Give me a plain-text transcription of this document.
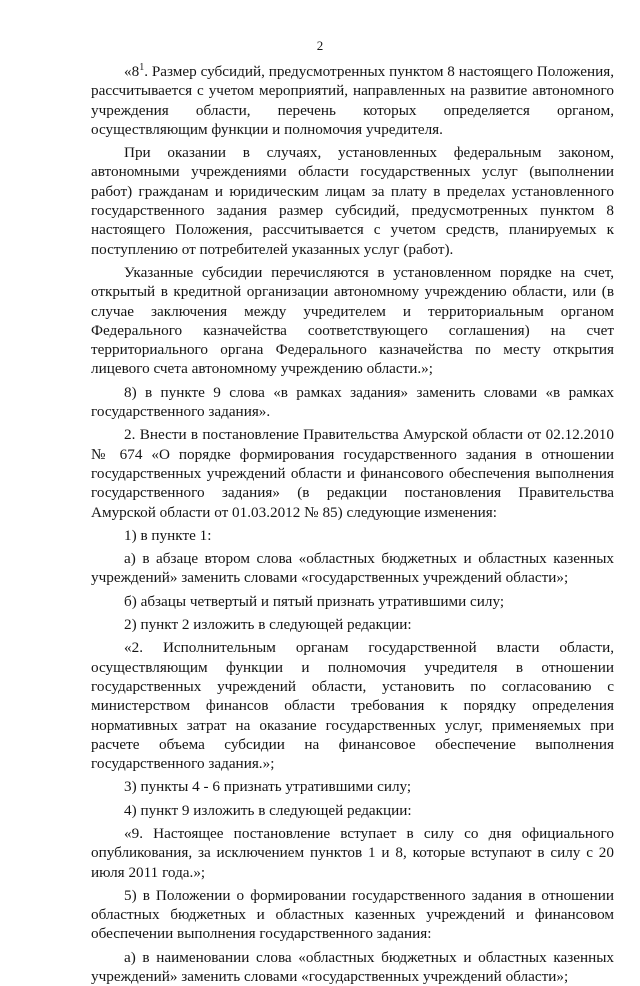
2

«$8^1$. Размер субсидий, предусмотренных пунктом 8 настоящего Положения, рассчитывается с учетом мероприятий, направленных на развитие автономного учреждения области, перечень которых определяется органом, осуществляющим функции и полномочия учредителя.

При оказании в случаях, установленных федеральным законом, автономными учреждениями области государственных услуг (выполнении работ) гражданам и юридическим лицам за плату в пределах установленного государственного задания размер субсидий, предусмотренных пунктом 8 настоящего Положения, рассчитывается с учетом средств, планируемых к поступлению от потребителей указанных услуг (работ).

Указанные субсидии перечисляются в установленном порядке на счет, открытый в кредитной организации автономному учреждению области, или (в случае заключения между учредителем и территориальным органом Федерального казначейства соответствующего соглашения) на счет территориального органа Федерального казначейства по месту открытия лицевого счета автономному учреждению области.»;

8) в пункте 9 слова «в рамках задания» заменить словами «в рамках государственного задания».

2. Внести в постановление Правительства Амурской области от 02.12.2010 № 674 «О порядке формирования государственного задания в отношении государственных учреждений области и финансового обеспечения выполнения государственного задания» (в редакции постановления Правительства Амурской области от 01.03.2012 № 85) следующие изменения:

1) в пункте 1:

а) в абзаце втором слова «областных бюджетных и областных казенных учреждений» заменить словами «государственных учреждений области»;

б) абзацы четвертый и пятый признать утратившими силу;

2) пункт 2 изложить в следующей редакции:

«2. Исполнительным органам государственной власти области, осуществляющим функции и полномочия учредителя в отношении государственных учреждений области, установить по согласованию с министерством финансов области требования к порядку определения нормативных затрат на оказание государственных услуг, применяемых при расчете объема субсидии на финансовое обеспечение выполнения государственного задания.»;

3) пункты 4 - 6 признать утратившими силу;

4) пункт 9 изложить в следующей редакции:

«9. Настоящее постановление вступает в силу со дня официального опубликования, за исключением пунктов 1 и 8, которые вступают в силу с 20 июля 2011 года.»;

5) в Положении о формировании государственного задания в отношении областных бюджетных и областных казенных учреждений и финансовом обеспечении выполнения государственного задания:

а) в наименовании слова «областных бюджетных и областных казенных учреждений» заменить словами «государственных учреждений области»;
